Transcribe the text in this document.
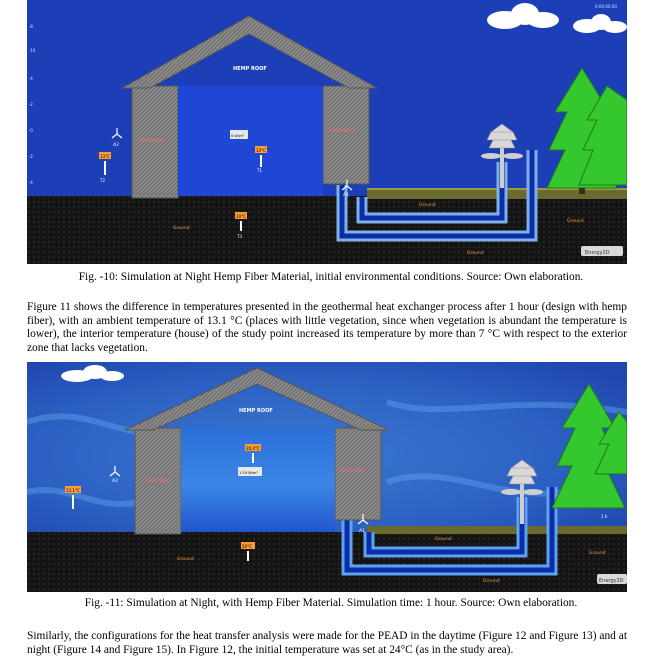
·8
·10
·4
·2
·0
·2
·4
A2
A1
13°C
T2
13°C
T1
20°C
T3
0 W/m²
HEMP ROOF
HEMP WALL
HEMP WALL
Ground
Ground
Ground
Ground
0:00:00:00
Energy2D
Fig. -10: Simulation at Night Hemp Fiber Material, initial environmental conditions. Source: Own elaboration.

Figure 11 shows the difference in temperatures presented in the geothermal heat exchanger process after 1 hour (design with hemp fiber), with an ambient temperature of 13.1 °C (places with little vegetation, since when vegetation is abundant the temperature is lower), the interior temperature (house) of the study point increased its temperature by more than 7 °C with respect to the exterior zone that lacks vegetation.

A2
A1
13.1°C
20.4°C
20°C
1.59 W/m²
HEMP ROOF
HEMP WALL
HEMP WALL
Ground
Ground
Ground
Ground
1 h
Energy2D
Fig. -11: Simulation at Night, with Hemp Fiber Material. Simulation time: 1 hour. Source: Own elaboration.

Similarly, the configurations for the heat transfer analysis were made for the PEAD in the daytime (Figure 12 and Figure 13) and at night (Figure 14 and Figure 15). In Figure 12, the initial temperature was set at 24°C (as in the study area).
